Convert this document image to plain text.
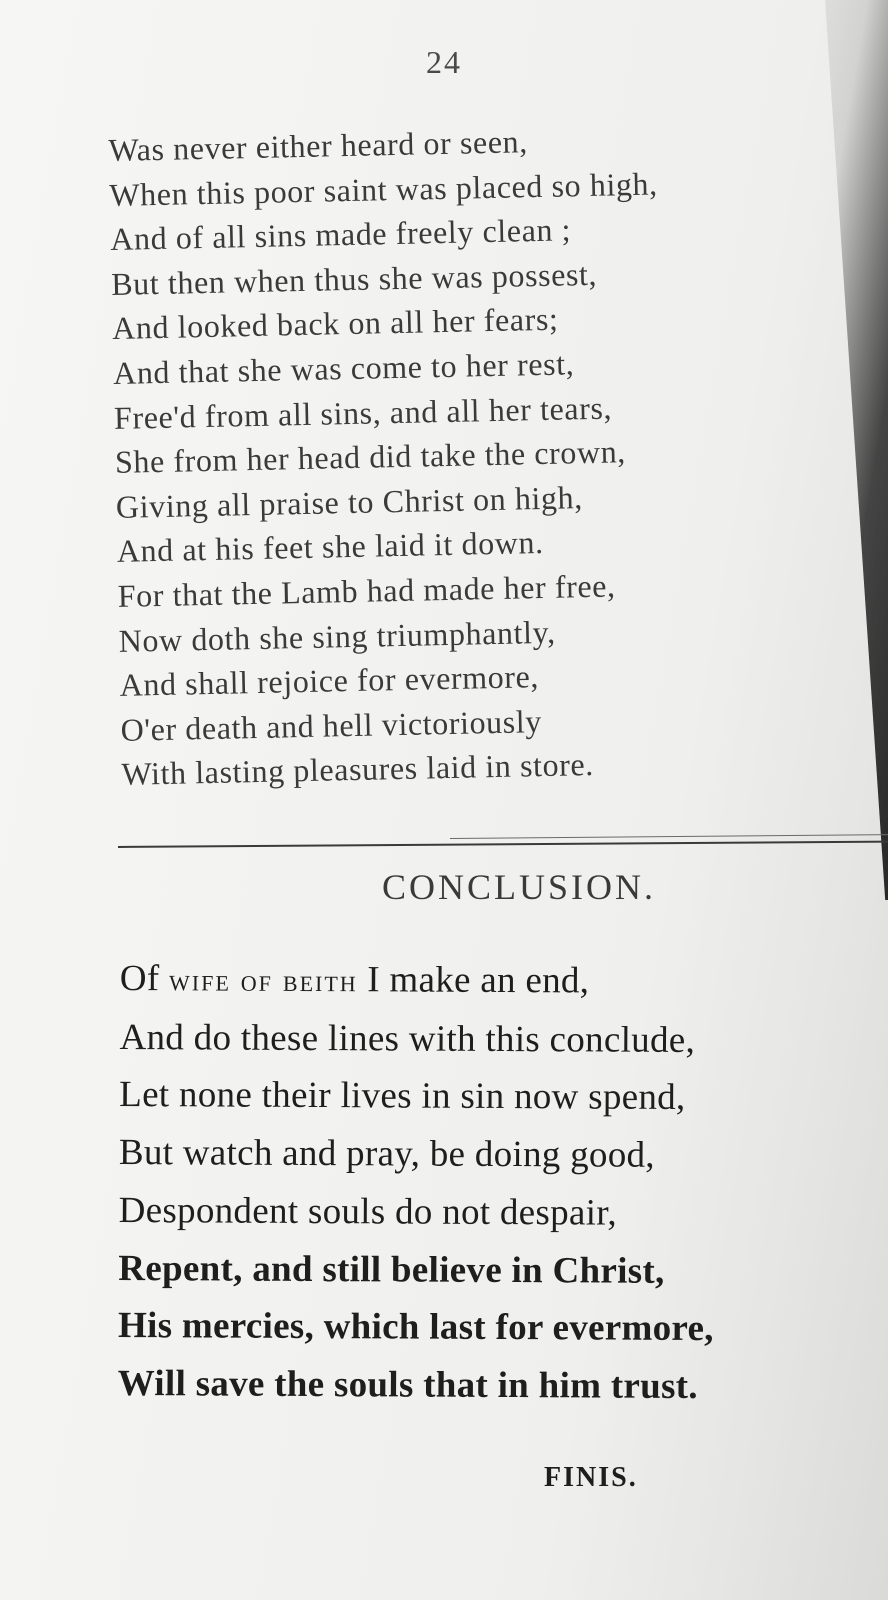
24
Was never either heard or seen,
When this poor saint was placed so high,
And of all sins made freely clean ;
But then when thus she was possest,
And looked back on all her fears;
And that she was come to her rest,
Free'd from all sins, and all her tears,
She from her head did take the crown,
Giving all praise to Christ on high,
And at his feet she laid it down.
For that the Lamb had made her free,
Now doth she sing triumphantly,
And shall rejoice for evermore,
O'er death and hell victoriously
With lasting pleasures laid in store.
CONCLUSION.
Of wife of beith I make an end,
And do these lines with this conclude,
Let none their lives in sin now spend,
But watch and pray, be doing good,
Despondent souls do not despair,
Repent, and still believe in Christ,
His mercies, which last for evermore,
Will save the souls that in him trust.
FINIS.
